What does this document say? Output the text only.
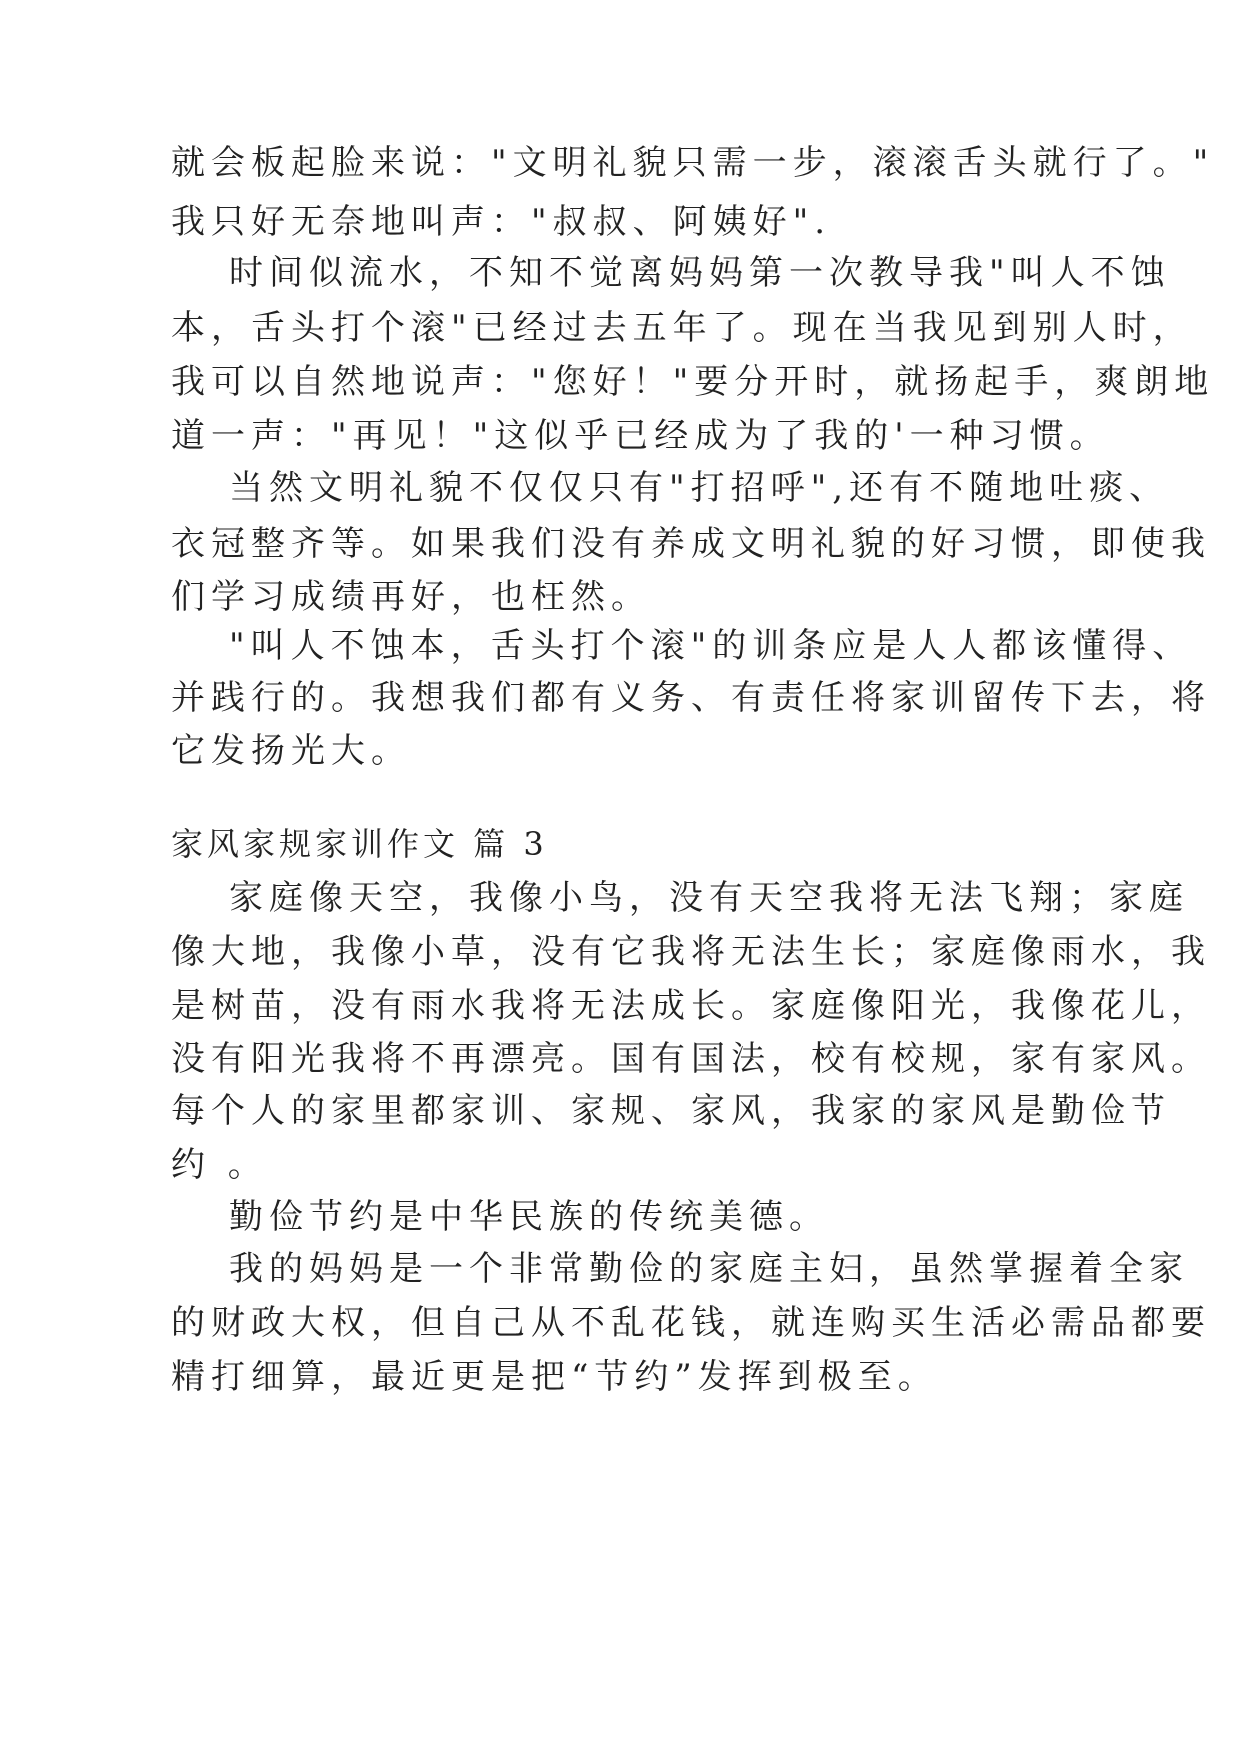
就会板起脸来说："文明礼貌只需一步，滚滚舌头就行了。"
我只好无奈地叫声："叔叔、阿姨好".
时间似流水，不知不觉离妈妈第一次教导我"叫人不蚀
本，舌头打个滚"已经过去五年了。现在当我见到别人时，
我可以自然地说声："您好！"要分开时，就扬起手，爽朗地
道一声："再见！"这似乎已经成为了我的'一种习惯。
当然文明礼貌不仅仅只有"打招呼",还有不随地吐痰、
衣冠整齐等。如果我们没有养成文明礼貌的好习惯，即使我
们学习成绩再好，也枉然。
"叫人不蚀本，舌头打个滚"的训条应是人人都该懂得、
并践行的。我想我们都有义务、有责任将家训留传下去，将
它发扬光大。
家风家规家训作文 篇 3
家庭像天空，我像小鸟，没有天空我将无法飞翔；家庭
像大地，我像小草，没有它我将无法生长；家庭像雨水，我
是树苗，没有雨水我将无法成长。家庭像阳光，我像花儿，
没有阳光我将不再漂亮。国有国法，校有校规，家有家风。
每个人的家里都家训、家规、家风，我家的家风是勤俭节
约 。
勤俭节约是中华民族的传统美德。
我的妈妈是一个非常勤俭的家庭主妇，虽然掌握着全家
的财政大权，但自己从不乱花钱，就连购买生活必需品都要
精打细算，最近更是把“节约”发挥到极至。
